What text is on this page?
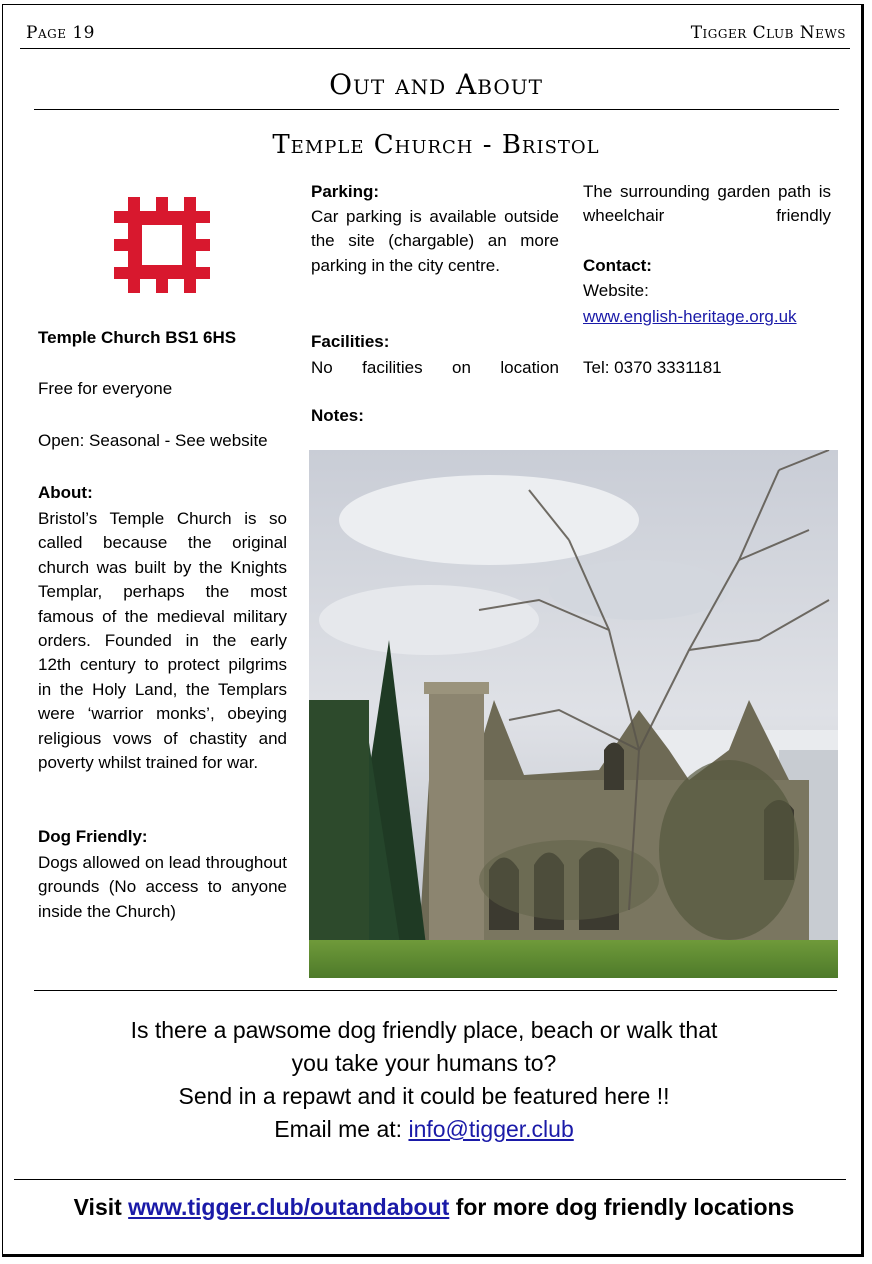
Page 19	Tigger Club News
Out and About
Temple Church - Bristol
Temple Church BS1 6HS
Free for everyone
Open: Seasonal - See website
About:
Bristol’s Temple Church is so called because the original church was built by the Knights Templar, perhaps the most famous of the medieval military orders. Founded in the early 12th century to protect pilgrims in the Holy Land, the Templars were ‘warrior monks’, obeying religious vows of chastity and poverty whilst trained for war.
Dog Friendly:
Dogs allowed on lead throughout grounds (No access to anyone inside the Church)
Parking:
Car parking is available outside the site (chargable) an more parking in the city centre.
Facilities:
No facilities on location
Notes:
The surrounding garden path is wheelchair friendly
Contact:
Website:
www.english-heritage.org.uk
Tel: 0370 3331181
Is there a pawsome dog friendly place, beach or walk that
you take your humans to?
Send in a repawt and it could be featured here !!
Email me at: info@tigger.club
Visit www.tigger.club/outandabout for more dog friendly locations
